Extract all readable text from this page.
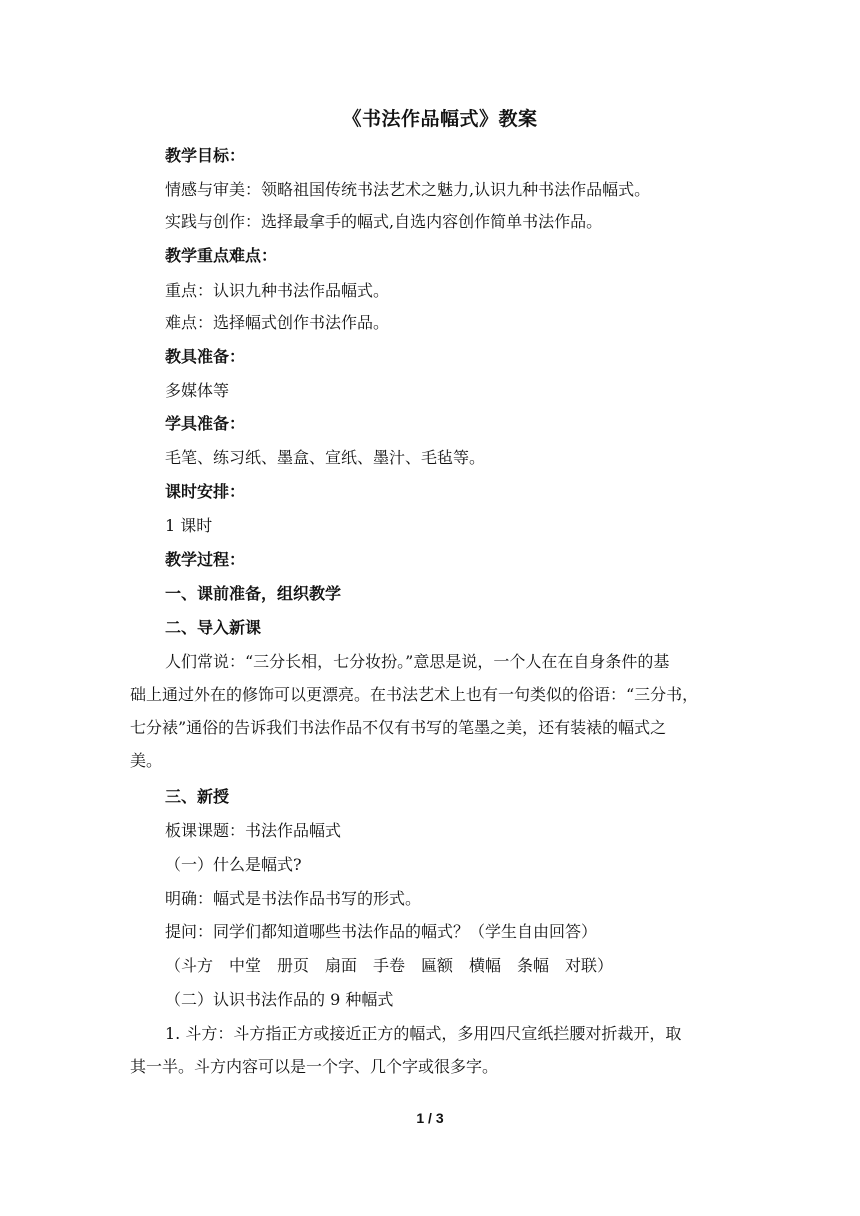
《书法作品幅式》教案
教学目标：
情感与审美：领略祖国传统书法艺术之魅力,认识九种书法作品幅式。
实践与创作：选择最拿手的幅式,自选内容创作简单书法作品。
教学重点难点：
重点：认识九种书法作品幅式。
难点：选择幅式创作书法作品。
教具准备：
多媒体等
学具准备：
毛笔、练习纸、墨盒、宣纸、墨汁、毛毡等。
课时安排：
1 课时
教学过程：
一、课前准备，组织教学
二、导入新课
人们常说：“三分长相，七分妆扮。”意思是说，一个人在在自身条件的基
础上通过外在的修饰可以更漂亮。在书法艺术上也有一句类似的俗语：“三分书，
七分裱”通俗的告诉我们书法作品不仅有书写的笔墨之美，还有装裱的幅式之
美。
三、新授
板课课题：书法作品幅式
（一）什么是幅式?
明确：幅式是书法作品书写的形式。
提问：同学们都知道哪些书法作品的幅式？（学生自由回答）
（斗方　中堂　册页　扇面　手卷　匾额　横幅　条幅　对联）
（二）认识书法作品的 9 种幅式
1. 斗方：斗方指正方或接近正方的幅式，多用四尺宣纸拦腰对折裁开，取
其一半。斗方内容可以是一个字、几个字或很多字。
1 / 3
